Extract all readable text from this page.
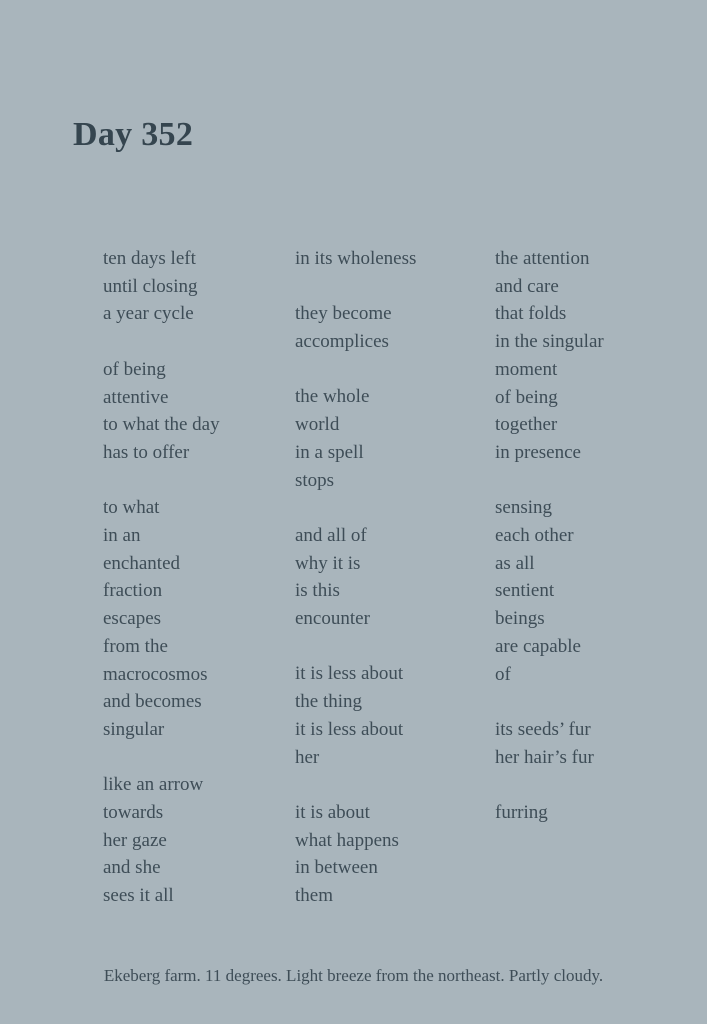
Day 352
ten days left
until closing
a year cycle
of being
attentive
to what the day
has to offer
to what
in an
enchanted
fraction
escapes
from the
macrocosmos
and becomes
singular
like an arrow
towards
her gaze
and she
sees it all
in its wholeness
they become
accomplices
the whole
world
in a spell
stops
and all of
why it is
is this
encounter
it is less about
the thing
it is less about
her
it is about
what happens
in between
them
the attention
and care
that folds
in the singular
moment
of being
together
in presence
sensing
each other
as all
sentient
beings
are capable
of
its seeds’ fur
her hair’s fur
furring
Ekeberg farm. 11 degrees. Light breeze from the northeast. Partly cloudy.
